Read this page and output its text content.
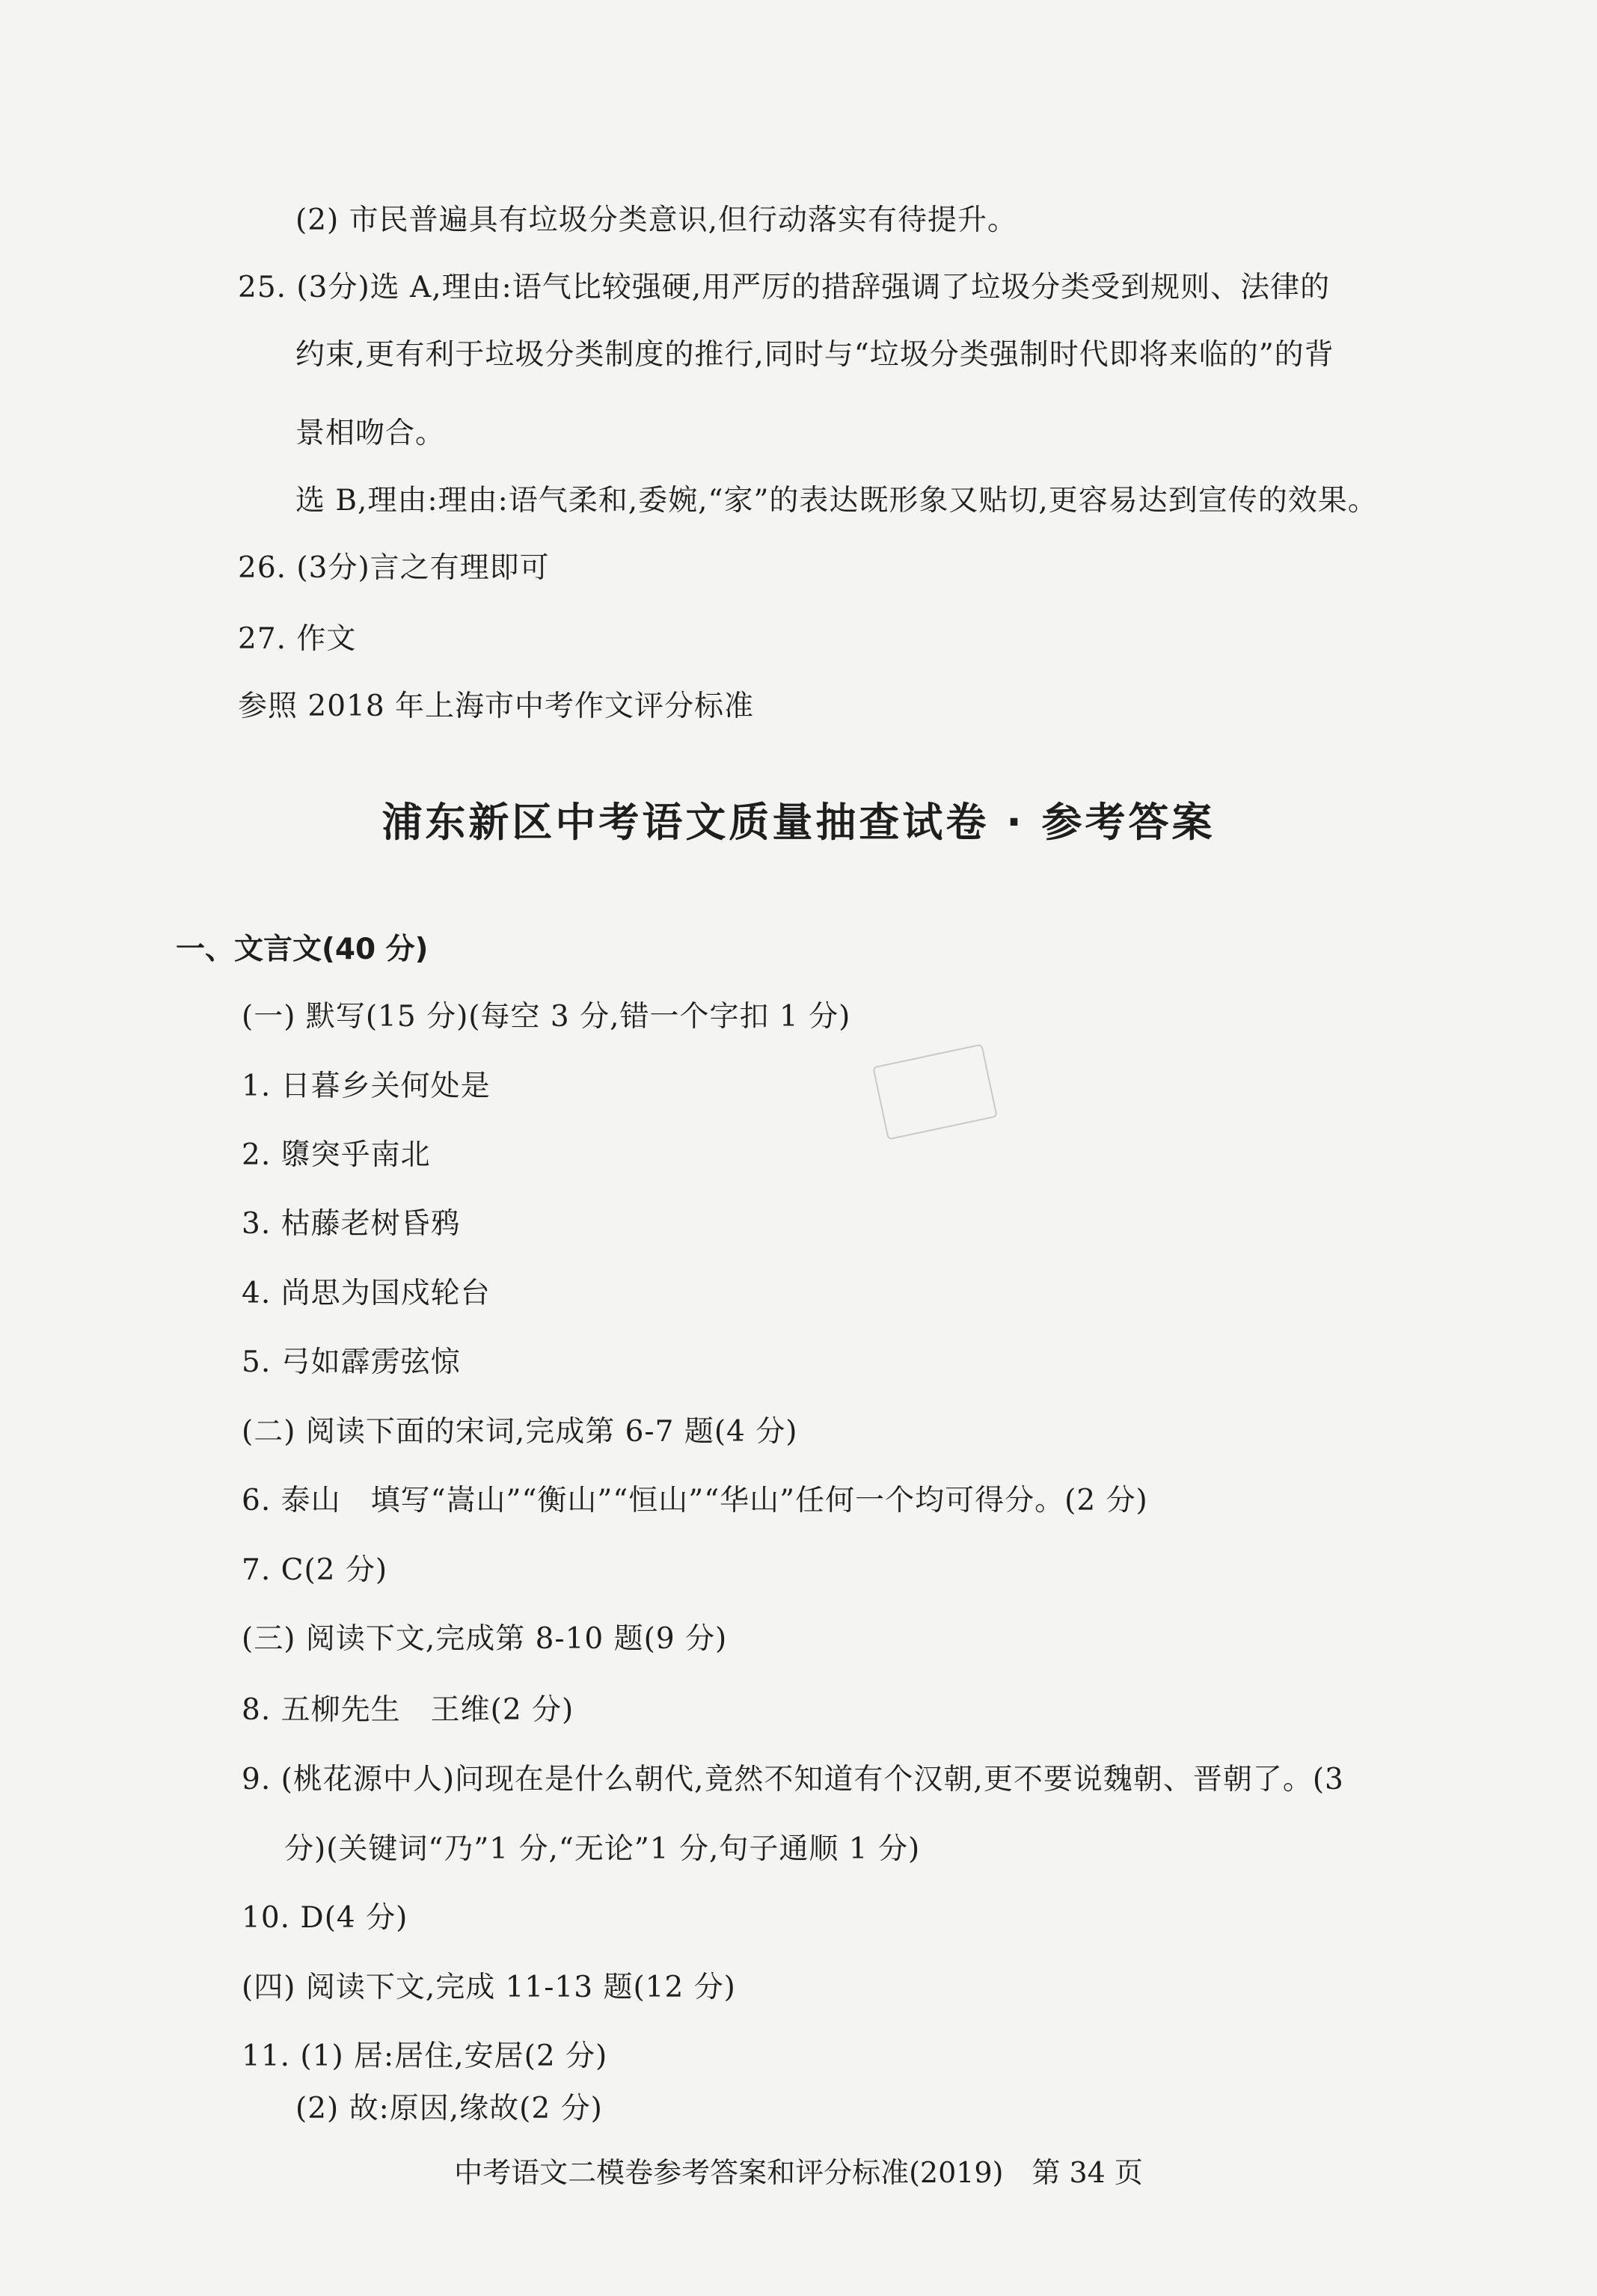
(2) 市民普遍具有垃圾分类意识,但行动落实有待提升。
25. (3分)选 A,理由:语气比较强硬,用严厉的措辞强调了垃圾分类受到规则、法律的
约束,更有利于垃圾分类制度的推行,同时与“垃圾分类强制时代即将来临的”的背
景相吻合。
选 B,理由:理由:语气柔和,委婉,“家”的表达既形象又贴切,更容易达到宣传的效果。
26. (3分)言之有理即可
27. 作文
参照 2018 年上海市中考作文评分标准
浦东新区中考语文质量抽查试卷 · 参考答案
一、文言文(40 分)
(一) 默写(15 分)(每空 3 分,错一个字扣 1 分)
1. 日暮乡关何处是
2. 隳突乎南北
3. 枯藤老树昏鸦
4. 尚思为国戍轮台
5. 弓如霹雳弦惊
(二) 阅读下面的宋词,完成第 6-7 题(4 分)
6. 泰山　填写“嵩山”“衡山”“恒山”“华山”任何一个均可得分。(2 分)
7. C(2 分)
(三) 阅读下文,完成第 8-10 题(9 分)
8. 五柳先生　王维(2 分)
9. (桃花源中人)问现在是什么朝代,竟然不知道有个汉朝,更不要说魏朝、晋朝了。(3
分)(关键词“乃”1 分,“无论”1 分,句子通顺 1 分)
10. D(4 分)
(四) 阅读下文,完成 11-13 题(12 分)
11. (1) 居:居住,安居(2 分)
(2) 故:原因,缘故(2 分)
中考语文二模卷参考答案和评分标准(2019)　第 34 页
